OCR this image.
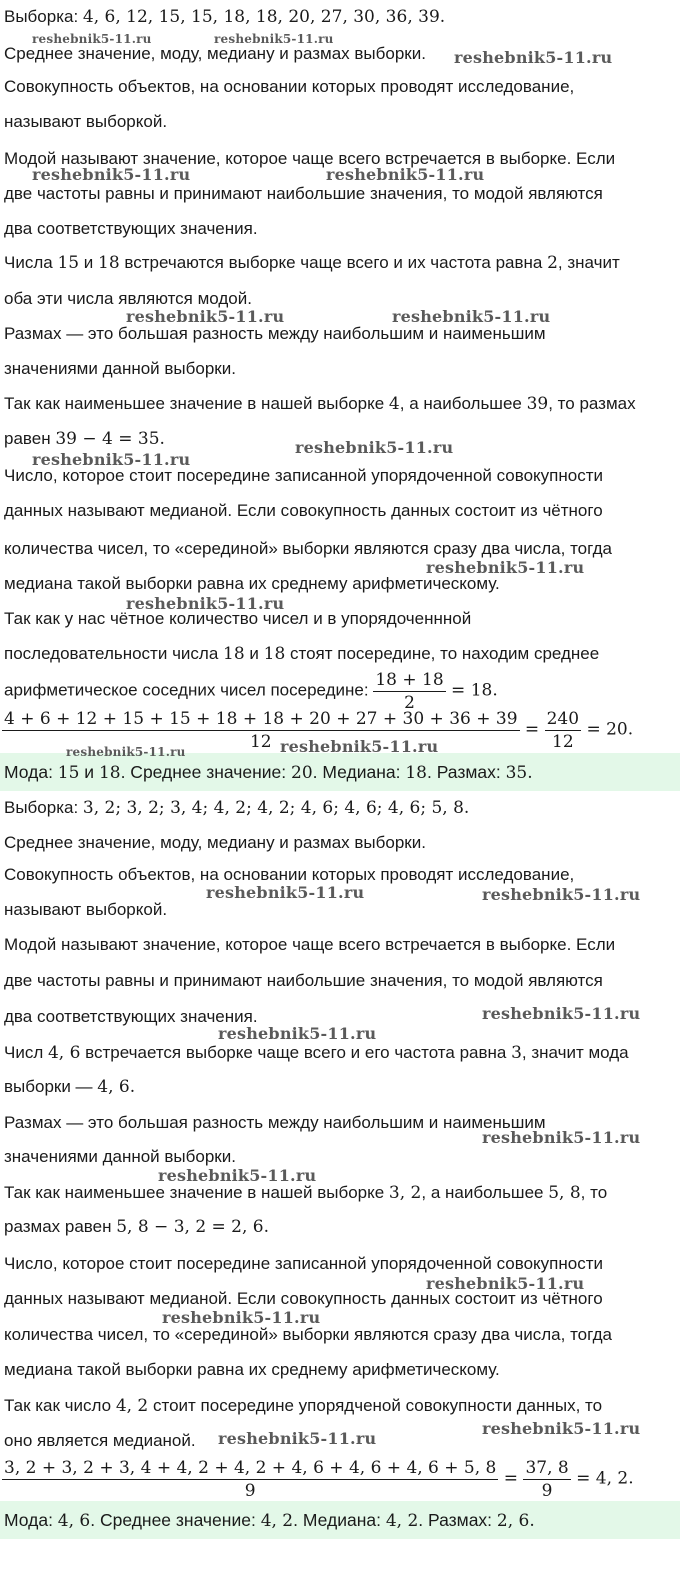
Выборка: 4, 6, 12, 15, 15, 18, 18, 20, 27, 30, 36, 39.
Среднее значение, моду, медиану и размах выборки.
Совокупность объектов, на основании которых проводят исследование,
называют выборкой.
Модой называют значение, которое чаще всего встречается в выборке. Если
две частоты равны и принимают наибольшие значения, то модой являются
два соответствующих значения.
Числа 15 и 18 встречаются выборке чаще всего и их частота равна 2, значит
оба эти числа являются модой.
Размах — это большая разность между наибольшим и наименьшим
значениями данной выборки.
Так как наименьшее значение в нашей выборке 4, а наибольшее 39, то размах
равен 39 − 4 = 35.
Число, которое стоит посередине записанной упорядоченной совокупности
данных называют медианой. Если совокупность данных состоит из чётного
количества чисел, то «серединой» выборки являются сразу два числа, тогда
медиана такой выборки равна их среднему арифметическому.
Так как у нас чётное количество чисел и в упорядоченнной
последовательности числа 18 и 18 стоят посередине, то находим среднее
арифметическое соседних чисел посередине: $\frac{18 + 18}{2} = 18$.
$\frac{4 + 6 + 12 + 15 + 15 + 18 + 18 + 20 + 27 + 30 + 36 + 39}{12} = \frac{240}{12} = 20$.
Мода: 15 и 18. Среднее значение: 20. Медиана: 18. Размах: 35.
Выборка: 3, 2; 3, 2; 3, 4; 4, 2; 4, 2; 4, 6; 4, 6; 4, 6; 5, 8.
Среднее значение, моду, медиану и размах выборки.
Совокупность объектов, на основании которых проводят исследование,
называют выборкой.
Модой называют значение, которое чаще всего встречается в выборке. Если
две частоты равны и принимают наибольшие значения, то модой являются
два соответствующих значения.
Числ 4, 6 встречается выборке чаще всего и его частота равна 3, значит мода
выборки — 4, 6.
Размах — это большая разность между наибольшим и наименьшим
значениями данной выборки.
Так как наименьшее значение в нашей выборке 3, 2, а наибольшее 5, 8, то
размах равен 5, 8 − 3, 2 = 2, 6.
Число, которое стоит посередине записанной упорядоченной совокупности
данных называют медианой. Если совокупность данных состоит из чётного
количества чисел, то «серединой» выборки являются сразу два числа, тогда
медиана такой выборки равна их среднему арифметическому.
Так как число 4, 2 стоит посередине упорядченой совокупности данных, то
оно является медианой.
$\frac{3, 2 + 3, 2 + 3, 4 + 4, 2 + 4, 2 + 4, 6 + 4, 6 + 4, 6 + 5, 8}{9} = \frac{37, 8}{9} = 4$, 2.
Мода: 4, 6. Среднее значение: 4, 2. Медиана: 4, 2. Размах: 2, 6.
reshebnik5-11.ru	reshebnik5-11.ru
reshebnik5-11.ru
reshebnik5-11.ru	reshebnik5-11.ru
reshebnik5-11.ru	reshebnik5-11.ru
reshebnik5-11.ru
reshebnik5-11.ru
reshebnik5-11.ru
reshebnik5-11.ru
reshebnik5-11.ru	reshebnik5-11.ru
reshebnik5-11.ru	reshebnik5-11.ru
reshebnik5-11.ru
reshebnik5-11.ru
reshebnik5-11.ru
reshebnik5-11.ru
reshebnik5-11.ru
reshebnik5-11.ru
reshebnik5-11.ru
reshebnik5-11.ru
